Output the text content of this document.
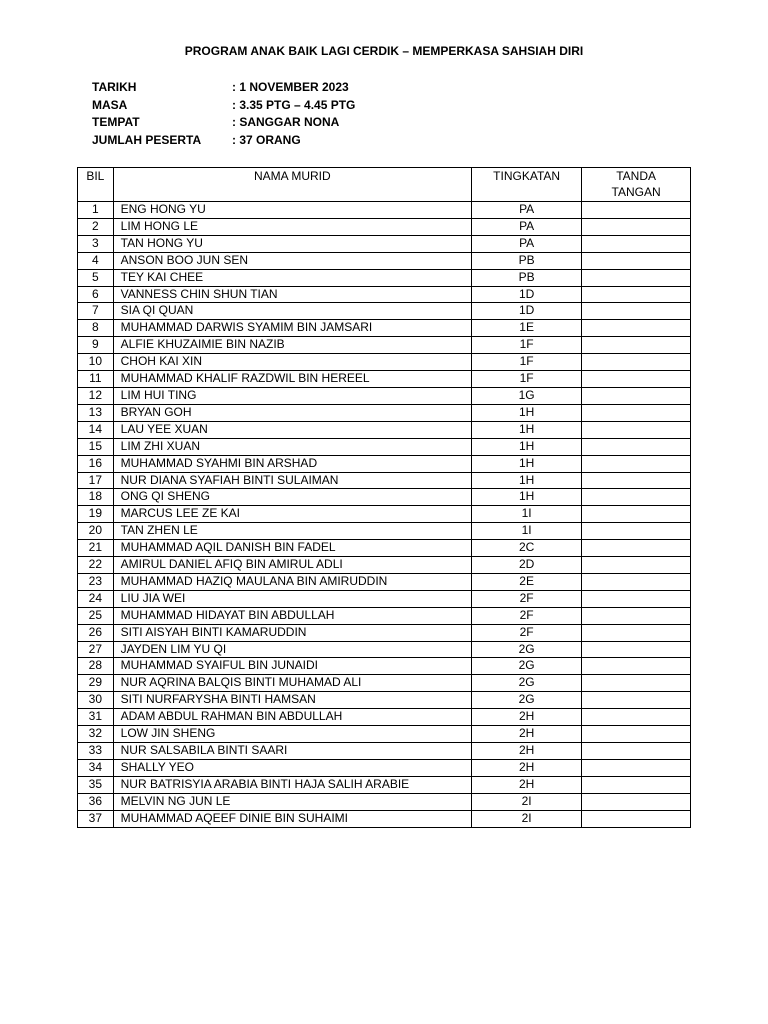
PROGRAM ANAK BAIK LAGI CERDIK – MEMPERKASA SAHSIAH DIRI
TARIKH	: 1 NOVEMBER 2023
MASA	: 3.35 PTG – 4.45 PTG
TEMPAT	: SANGGAR NONA
JUMLAH PESERTA	: 37 ORANG
BIL	NAMA MURID	TINGKATAN	TANDA
TANGAN
1	ENG HONG YU	PA	
2	LIM HONG LE	PA	
3	TAN HONG YU	PA	
4	ANSON BOO JUN SEN	PB	
5	TEY KAI CHEE	PB	
6	VANNESS CHIN SHUN TIAN	1D	
7	SIA QI QUAN	1D	
8	MUHAMMAD DARWIS SYAMIM BIN JAMSARI	1E	
9	ALFIE KHUZAIMIE BIN NAZIB	1F	
10	CHOH KAI XIN	1F	
11	MUHAMMAD KHALIF RAZDWIL BIN HEREEL	1F	
12	LIM HUI TING	1G	
13	BRYAN GOH	1H	
14	LAU YEE XUAN	1H	
15	LIM ZHI XUAN	1H	
16	MUHAMMAD SYAHMI BIN ARSHAD	1H	
17	NUR DIANA SYAFIAH BINTI SULAIMAN	1H	
18	ONG QI SHENG	1H	
19	MARCUS LEE ZE KAI	1I	
20	TAN ZHEN LE	1I	
21	MUHAMMAD AQIL DANISH BIN FADEL	2C	
22	AMIRUL DANIEL AFIQ BIN AMIRUL ADLI	2D	
23	MUHAMMAD HAZIQ MAULANA BIN AMIRUDDIN	2E	
24	LIU JIA WEI	2F	
25	MUHAMMAD HIDAYAT BIN ABDULLAH	2F	
26	SITI AISYAH BINTI KAMARUDDIN	2F	
27	JAYDEN LIM YU QI	2G	
28	MUHAMMAD SYAIFUL BIN JUNAIDI	2G	
29	NUR AQRINA BALQIS BINTI MUHAMAD ALI	2G	
30	SITI NURFARYSHA BINTI HAMSAN	2G	
31	ADAM ABDUL RAHMAN BIN ABDULLAH	2H	
32	LOW JIN SHENG	2H	
33	NUR SALSABILA BINTI SAARI	2H	
34	SHALLY YEO	2H	
35	NUR BATRISYIA ARABIA BINTI HAJA SALIH ARABIE	2H	
36	MELVIN NG JUN LE	2I	
37	MUHAMMAD AQEEF DINIE BIN SUHAIMI	2I	
